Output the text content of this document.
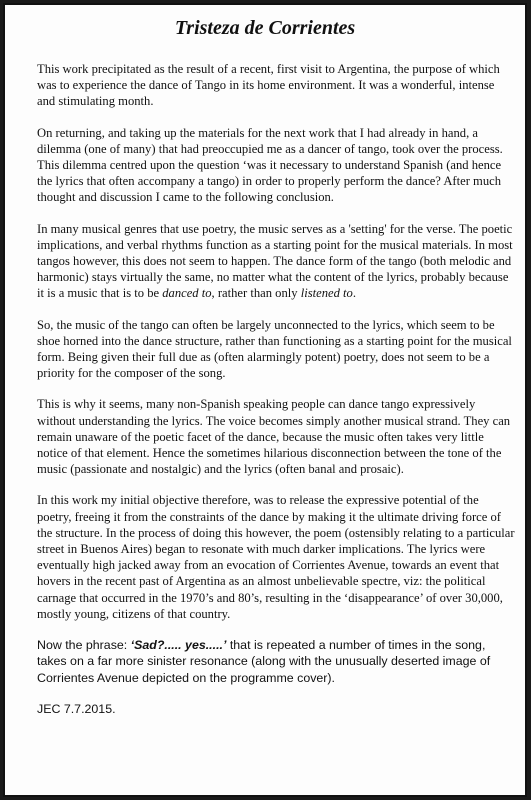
Tristeza de Corrientes

This work precipitated as the result of a recent, first visit to Argentina, the purpose of which was to experience the dance of Tango in its home environment. It was a wonderful, intense and stimulating month.

On returning, and taking up the materials for the next work that I had already in hand, a dilemma (one of many) that had preoccupied me as a dancer of tango, took over the process. This dilemma centred upon the question ‘was it necessary to understand Spanish (and hence the lyrics that often accompany a tango) in order to properly perform the dance? After much thought and discussion I came to the following conclusion.

In many musical genres that use poetry, the music serves as a 'setting' for the verse. The poetic implications, and verbal rhythms function as a starting point for the musical materials. In most tangos however, this does not seem to happen. The dance form of the tango (both melodic and harmonic) stays virtually the same, no matter what the content of the lyrics, probably because it is a music that is to be danced to, rather than only listened to.

So, the music of the tango can often be largely unconnected to the lyrics, which seem to be shoe horned into the dance structure, rather than functioning as a starting point for the musical form. Being given their full due as (often alarmingly potent) poetry, does not seem to be a priority for the composer of the song.

This is why it seems, many non-Spanish speaking people can dance tango expressively without understanding the lyrics. The voice becomes simply another musical strand. They can remain unaware of the poetic facet of the dance, because the music often takes very little notice of that element. Hence the sometimes hilarious disconnection between the tone of the music (passionate and nostalgic) and the lyrics (often banal and prosaic).

In this work my initial objective therefore, was to release the expressive potential of the poetry, freeing it from the constraints of the dance by making it the ultimate driving force of the structure. In the process of doing this however, the poem (ostensibly relating to a particular street in Buenos Aires) began to resonate with much darker implications. The lyrics were eventually high jacked away from an evocation of Corrientes Avenue, towards an event that hovers in the recent past of Argentina as an almost unbelievable spectre, viz: the political carnage that occurred in the 1970’s and 80’s, resulting in the ‘disappearance’ of over 30,000, mostly young, citizens of that country.

Now the phrase: ‘Sad?..... yes.....’ that is repeated a number of times in the song, takes on a far more sinister resonance (along with the unusually deserted image of Corrientes Avenue depicted on the programme cover).

JEC 7.7.2015.
